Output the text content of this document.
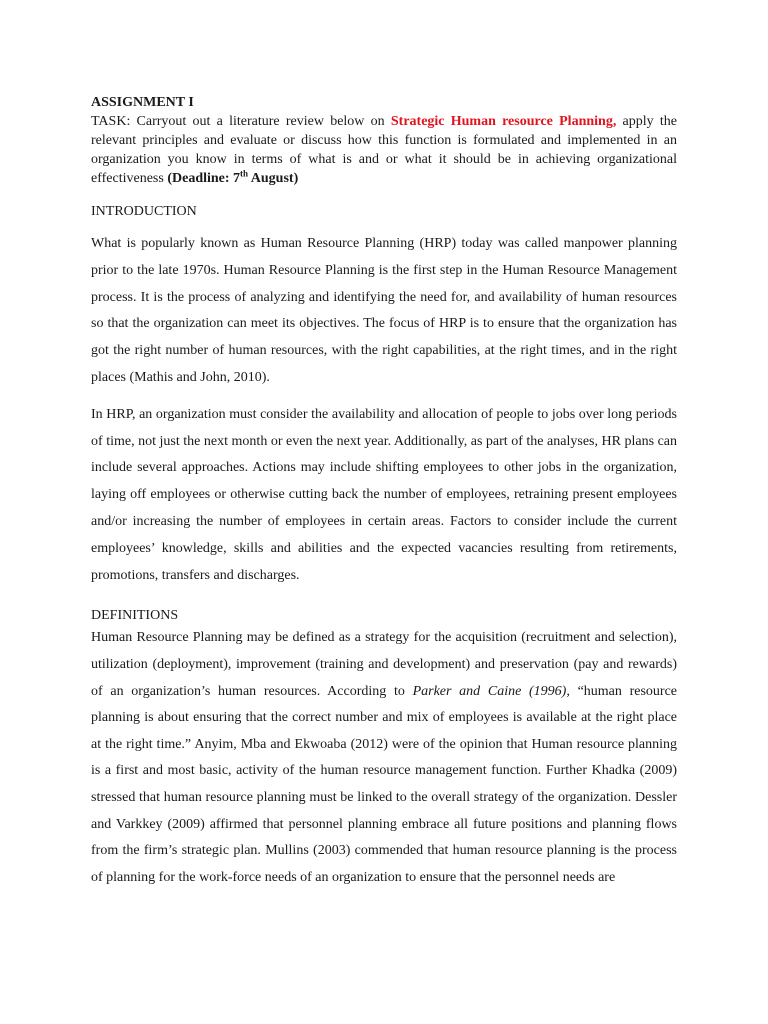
ASSIGNMENT I

TASK: Carryout out a literature review below on Strategic Human resource Planning, apply the relevant principles and evaluate or discuss how this function is formulated and implemented in an organization you know in terms of what is and or what it should be in achieving organizational effectiveness (Deadline: 7th August)

INTRODUCTION

What is popularly known as Human Resource Planning (HRP) today was called manpower planning prior to the late 1970s. Human Resource Planning is the first step in the Human Resource Management process. It is the process of analyzing and identifying the need for, and availability of human resources so that the organization can meet its objectives. The focus of HRP is to ensure that the organization has got the right number of human resources, with the right capabilities, at the right times, and in the right places (Mathis and John, 2010).

In HRP, an organization must consider the availability and allocation of people to jobs over long periods of time, not just the next month or even the next year. Additionally, as part of the analyses, HR plans can include several approaches. Actions may include shifting employees to other jobs in the organization, laying off employees or otherwise cutting back the number of employees, retraining present employees and/or increasing the number of employees in certain areas. Factors to consider include the current employees’ knowledge, skills and abilities and the expected vacancies resulting from retirements, promotions, transfers and discharges.

DEFINITIONS

Human Resource Planning may be defined as a strategy for the acquisition (recruitment and selection), utilization (deployment), improvement (training and development) and preservation (pay and rewards) of an organization’s human resources. According to Parker and Caine (1996), “human resource planning is about ensuring that the correct number and mix of employees is available at the right place at the right time.” Anyim, Mba and Ekwoaba (2012) were of the opinion that Human resource planning is a first and most basic, activity of the human resource management function. Further Khadka (2009) stressed that human resource planning must be linked to the overall strategy of the organization. Dessler and Varkkey (2009) affirmed that personnel planning embrace all future positions and planning flows from the firm’s strategic plan. Mullins (2003) commended that human resource planning is the process of planning for the work-force needs of an organization to ensure that the personnel needs are
